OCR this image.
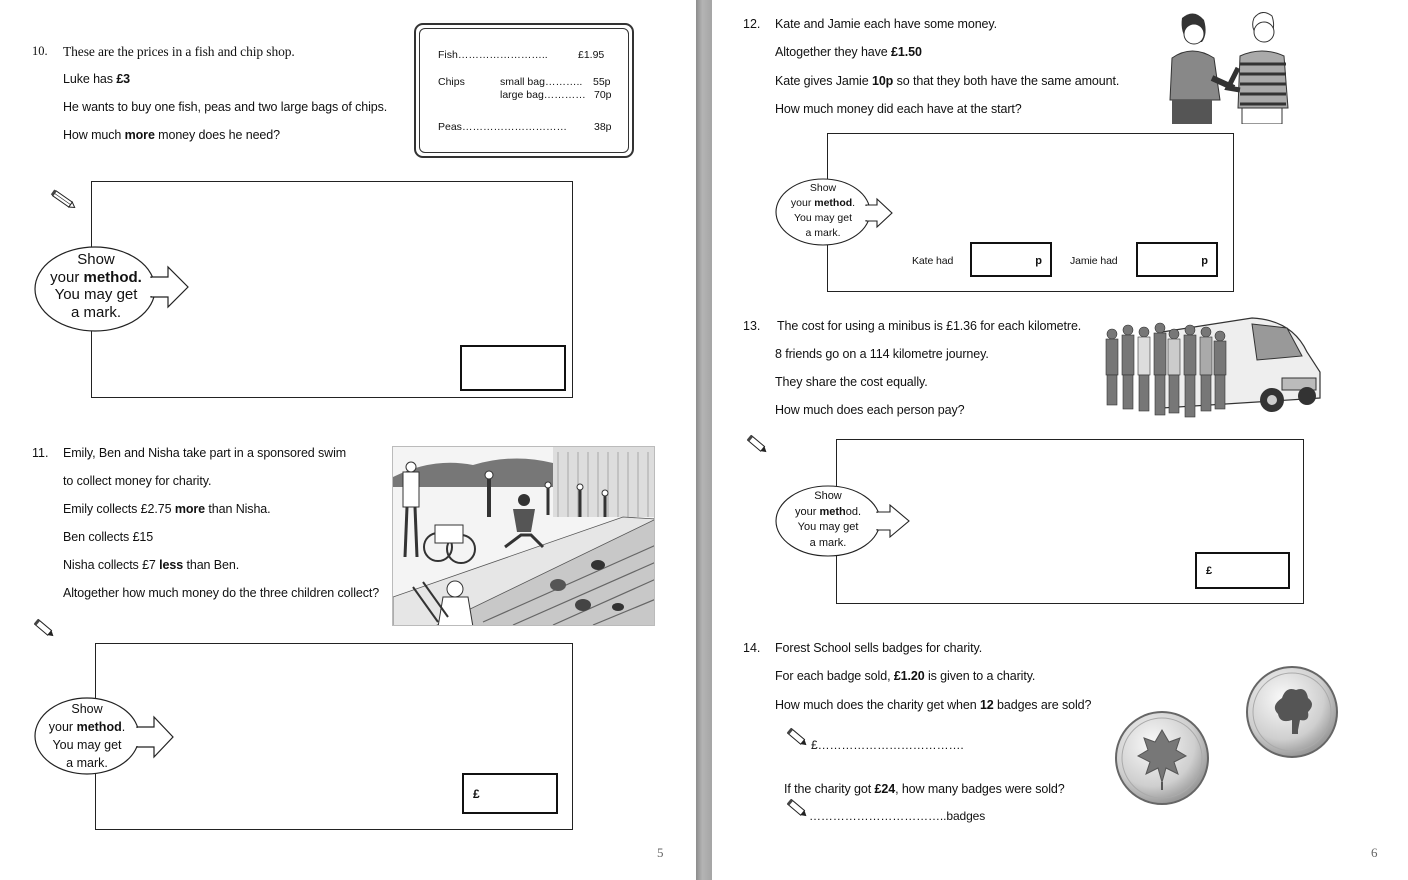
10. These are the prices in a fish and chip shop.
Luke has £3
He wants to buy one fish, peas and two large bags of chips.
How much more money does he need?
Fish……………………..	£1.95
Chips	small bag……….. 55p
large bag………… 70p
Peas…………………………	38p
Show
your method.
You may get
a mark.
11. Emily, Ben and Nisha take part in a sponsored swim
to collect money for charity.
Emily collects £2.75 more than Nisha.
Ben collects £15
Nisha collects £7 less than Ben.
Altogether how much money do the three children collect?
£
Show
your method.
You may get
a mark.
5
12. Kate and Jamie each have some money.
Altogether they have £1.50
Kate gives Jamie 10p so that they both have the same amount.
How much money did each have at the start?
Show
your method.
You may get
a mark.
Kate had	p	Jamie had	p
13. The cost for using a minibus is £1.36 for each kilometre.
8 friends go on a 114 kilometre journey.
They share the cost equally.
How much does each person pay?
£
Show
your method.
You may get
a mark.
14. Forest School sells badges for charity.
For each badge sold, £1.20 is given to a charity.
How much does the charity get when 12 badges are sold?
£……………………………….
If the charity got £24, how many badges were sold?
……………………………..badges
6
